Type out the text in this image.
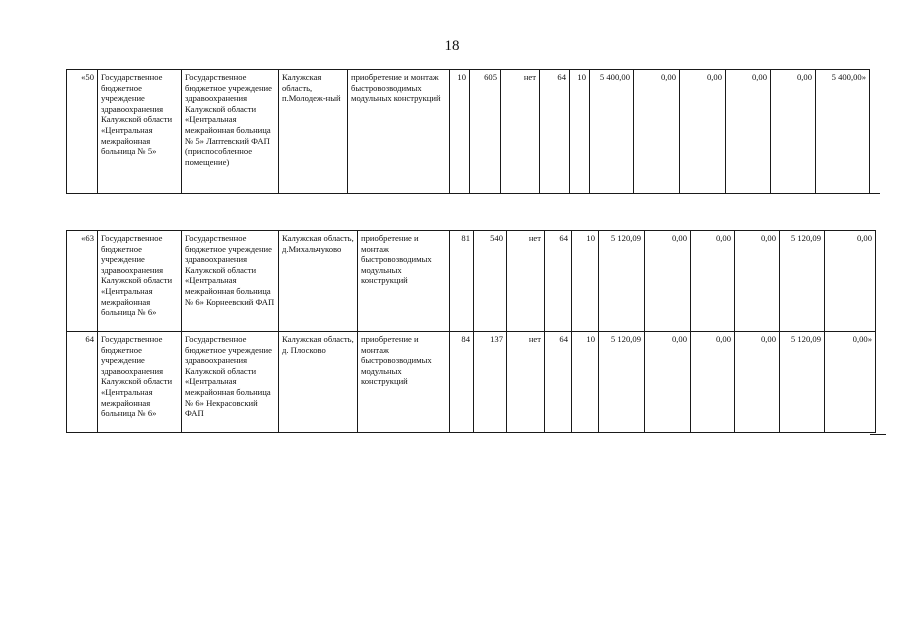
18
«50	Государственное бюджетное учреждение здравоохранения Калужской области «Центральная межрайонная больница № 5»	Государственное бюджетное учреждение здравоохранения Калужской области «Центральная межрайонная больница № 5» Лаптевский ФАП (приспособленное помещение)	Калужская область, п.Молодеж-ный	приобретение и монтаж быстровозводимых модульных конструкций	10	605	нет	64	10	5 400,00	0,00	0,00	0,00	0,00	5 400,00»
«63	Государственное бюджетное учреждение здравоохранения Калужской области «Центральная межрайонная больница № 6»	Государственное бюджетное учреждение здравоохранения Калужской области «Центральная межрайонная больница № 6» Корнеевский ФАП	Калужская область, д.Михальчуково	приобретение и монтаж быстровозводимых модульных конструкций	81	540	нет	64	10	5 120,09	0,00	0,00	0,00	5 120,09	0,00
64	Государственное бюджетное учреждение здравоохранения Калужской области «Центральная межрайонная больница № 6»	Государственное бюджетное учреждение здравоохранения Калужской области «Центральная межрайонная больница № 6» Некрасовский ФАП	Калужская область, д. Плосково	приобретение и монтаж быстровозводимых модульных конструкций	84	137	нет	64	10	5 120,09	0,00	0,00	0,00	5 120,09	0,00»
